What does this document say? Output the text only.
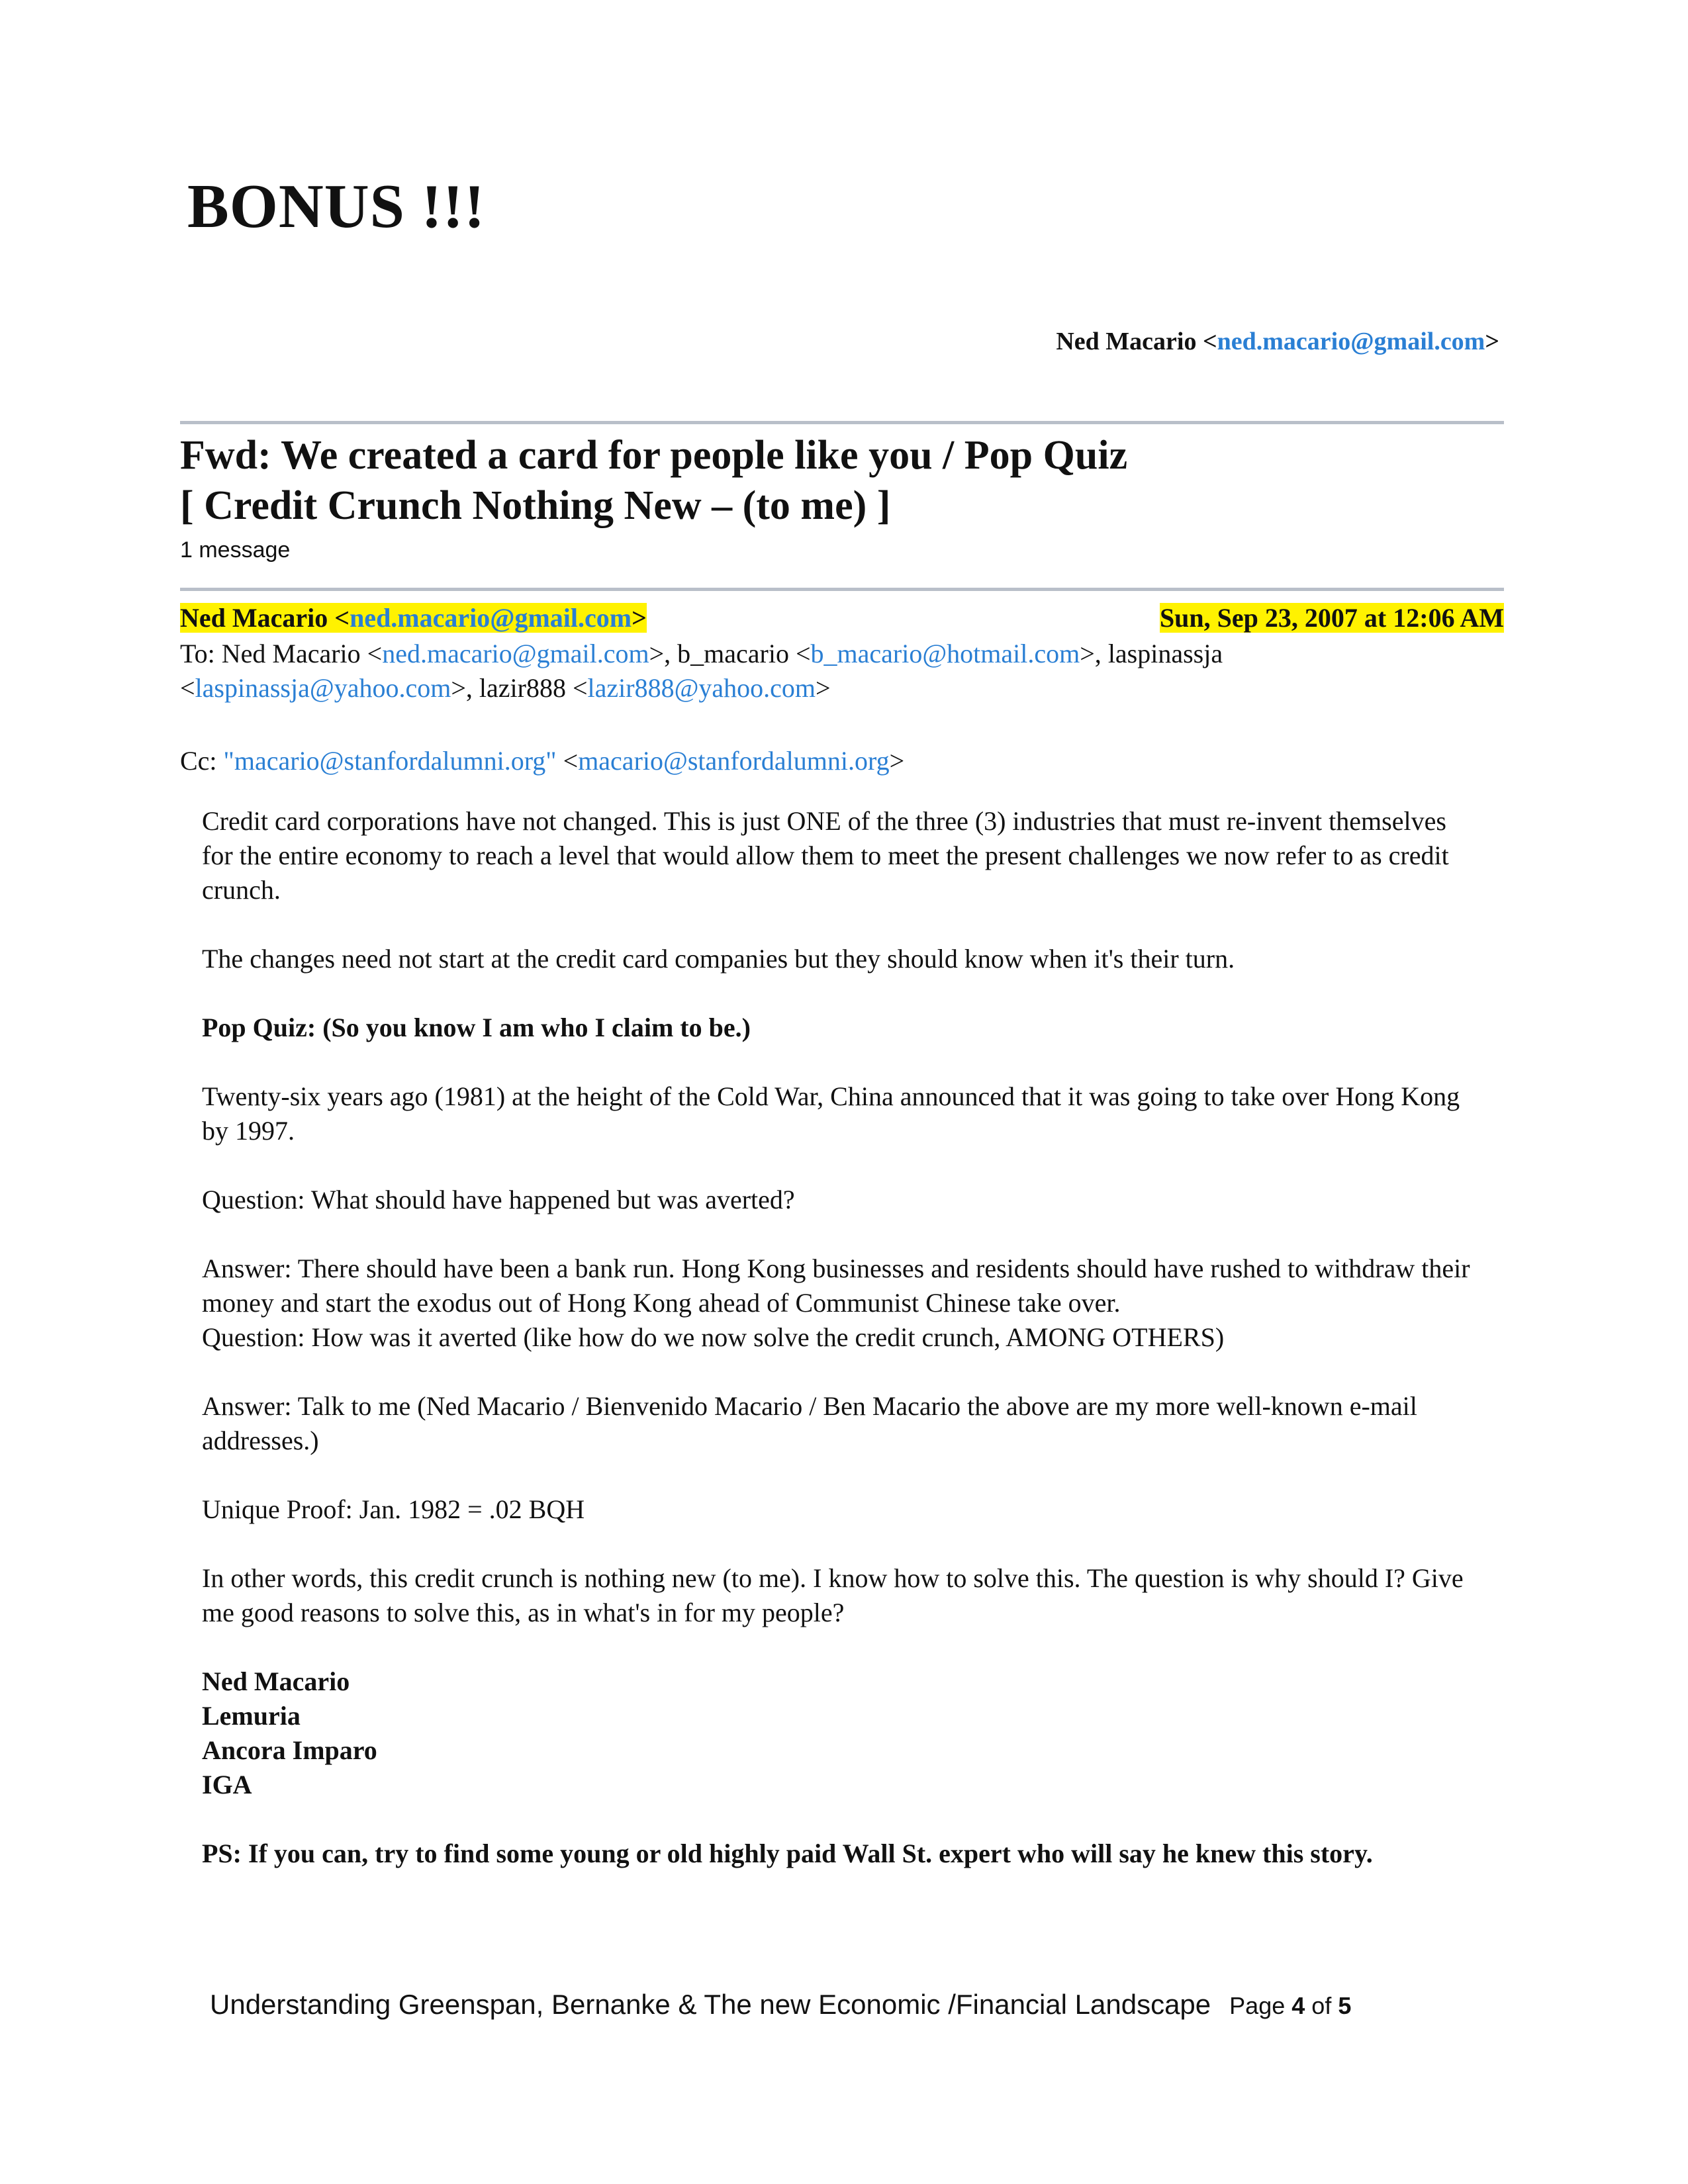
BONUS !!!
Ned Macario <ned.macario@gmail.com>
Fwd: We created a card for people like you / Pop Quiz
[ Credit Crunch Nothing New – (to me) ]
1 message
Ned Macario <ned.macario@gmail.com>	Sun, Sep 23, 2007 at 12:06 AM
To: Ned Macario <ned.macario@gmail.com>, b_macario <b_macario@hotmail.com>, laspinassja
<laspinassja@yahoo.com>, lazir888 <lazir888@yahoo.com>
Cc: "macario@stanfordalumni.org" <macario@stanfordalumni.org>

Credit card corporations have not changed. This is just ONE of the three (3) industries that must re-invent themselves for the entire economy to reach a level that would allow them to meet the present challenges we now refer to as credit crunch.

The changes need not start at the credit card companies but they should know when it's their turn.

Pop Quiz: (So you know I am who I claim to be.)

Twenty-six years ago (1981) at the height of the Cold War, China announced that it was going to take over Hong Kong by 1997.

Question: What should have happened but was averted?

Answer: There should have been a bank run. Hong Kong businesses and residents should have rushed to withdraw their money and start the exodus out of Hong Kong ahead of Communist Chinese take over.

Question: How was it averted (like how do we now solve the credit crunch, AMONG OTHERS)

Answer: Talk to me (Ned Macario / Bienvenido Macario / Ben Macario the above are my more well-known e-mail addresses.)

Unique Proof: Jan. 1982 = .02 BQH

In other words, this credit crunch is nothing new (to me). I know how to solve this. The question is why should I? Give me good reasons to solve this, as in what's in for my people?

Ned Macario
Lemuria
Ancora Imparo
IGA

PS: If you can, try to find some young or old highly paid Wall St. expert who will say he knew this story.

Understanding Greenspan, Bernanke & The new Economic /Financial Landscape Page 4 of 5
